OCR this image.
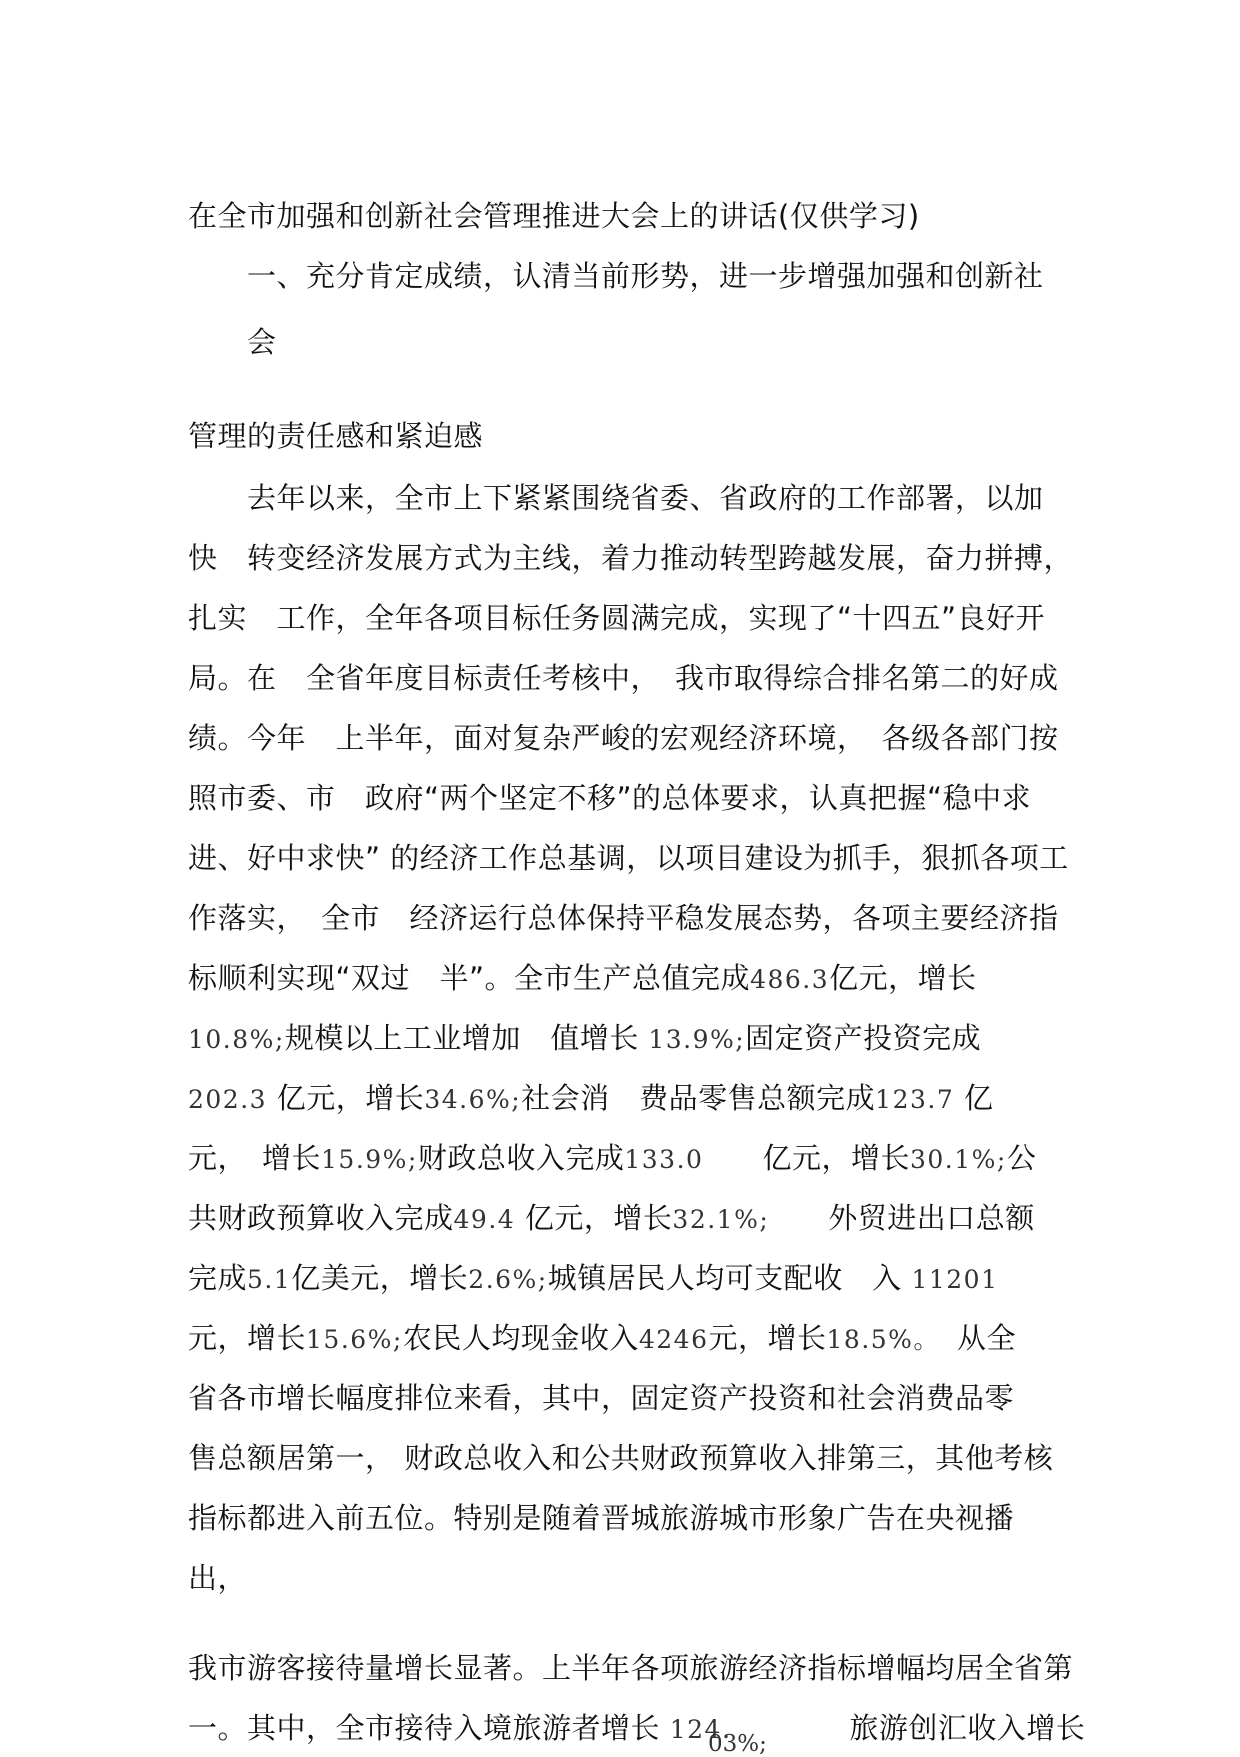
在全市加强和创新社会管理推进大会上的讲话(仅供学习)
一、充分肯定成绩，认清当前形势，进一步增强加强和创新社
会
管理的责任感和紧迫感
去年以来，全市上下紧紧围绕省委、省政府的工作部署，以加
快　转变经济发展方式为主线，着力推动转型跨越发展，奋力拼搏，
扎实　工作，全年各项目标任务圆满完成，实现了“十四五”良好开
局。在　全省年度目标责任考核中，　我市取得综合排名第二的好成
绩。今年　上半年，面对复杂严峻的宏观经济环境，　各级各部门按
照市委、市　政府“两个坚定不移”的总体要求，认真把握“稳中求
进、好中求快” 的经济工作总基调，以项目建设为抓手，狠抓各项工
作落实，　全市　经济运行总体保持平稳发展态势，各项主要经济指
标顺利实现“双过　半”。全市生产总值完成486.3亿元，增长
10.8%;规模以上工业增加　值增长 13.9%;固定资产投资完成
202.3 亿元，增长34.6%;社会消　费品零售总额完成123.7 亿
元，　增长15.9%;财政总收入完成133.0　　 亿元，增长30.1%;公
共财政预算收入完成49.4 亿元，增长32.1%;　　 外贸进出口总额
完成5.1亿美元，增长2.6%;城镇居民人均可支配收　入 11201
元，增长15.6%;农民人均现金收入4246元，增长18.5%。　 从全
省各市增长幅度排位来看，其中，固定资产投资和社会消费品零
售总额居第一， 财政总收入和公共财政预算收入排第三，其他考核
指标都进入前五位。特别是随着晋城旅游城市形象广告在央视播
出，
我市游客接待量增长显著。上半年各项旅游经济指标增幅均居全省第
一。其中，全市接待入境旅游者增长 124.　　　　	旅游创汇收入增长
03%;
